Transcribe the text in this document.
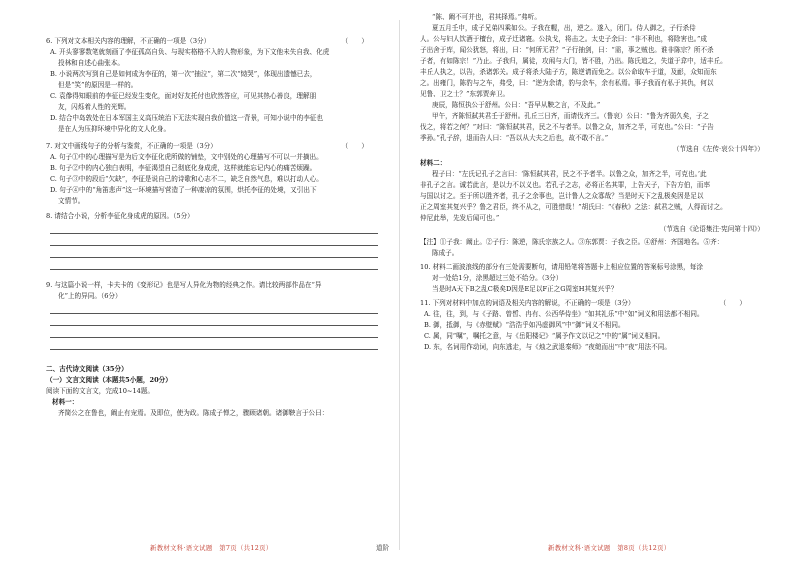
6. 下列对文本相关内容的理解，不正确的一项是（3分）	（　　）

A. 开头寥寥数笔就刻画了李征孤高自负、与现实格格不入的人物形象，为下文他未失自我、化虎

投林和自述心曲张本。

B. 小说两次写到自己是如何成为李征的，第一次“抽泣”，第二次“恸哭”，体现出遗憾已去，

但是“笑”的原因是一样的。

C. 袁傪得知眼前的李征已经发生变化，面对好友托付也欣然答应，可见其热心善良，理解朋

友，闪烁着人性的光辉。

D. 结合中岛敦处在日本军国主义高压统治下无法实现自我价值这一背景，可知小说中的李征也

是在人为压抑环境中异化的文人化身。

7. 对文中画线句子的分析与鉴赏，不正确的一项是（3分）	（　　）

A. 句子①中的心理描写是为后文李征化虎所做的铺垫，文中别处的心理描写不可以一并摘出。

B. 句子②中的内心独白表明，李征渴望自己彻底化身成虎，这样就能忘记内心的痛苦烦躁。

C. 句子③中的段后“欠缺”，李征是说自己的诗歌和心志不二，缺乏自然气息，难以打动人心。

D. 句子④中的“角笛悲声”这一环境描写营造了一种凄凉的氛围，烘托李征的处境，又引出下

文情节。

8. 请结合小说，分析李征化身成虎的原因。（5分）

9. 与这篇小说一样，卡夫卡的《变形记》也是写人异化为物的经典之作。请比较两部作品在“异

化”上的异同。（6分）

二、古代诗文阅读（35分）

（一）文言文阅读（本题共5小题，20分）

阅读下面的文言文，完成10~14题。

材料一：

齐简公之在鲁也，阚止有宠焉。及即位，使为政。陈成子惮之，骤顾诸朝。诸御鞅言于公曰：

新教材文科·语文试题　第7页（共12页）	道阶

“陈、阚不可并也，君其择焉。”弗听。

夏五月壬申，成子兄弟四乘如公。子我在幄，出，逆之。遂入，闭门。侍人御之，子行杀侍

人。公与妇人饮酒于檀台，成子迁诸寝。公执戈，将击之。太史子余曰：“非不利也，将除害也。”成

子出舍于库，闻公犹怒，将出，曰：“何所无君？”子行抽剑，曰：“需，事之贼也。谁非陈宗？所不杀

子者，有如陈宗！”乃止。子我归，属徒，攻闱与大门，皆不胜，乃出。陈氏追之，失道于弇中，适丰丘。

丰丘人执之，以告，杀诸郭关。成子将杀大陆子方，陈逆请而免之。以公命取车于道，及耏，众知而东

之。出雍门，陈豹与之车，弗受，曰：“逆为余请，豹与余车，余有私焉。事子我而有私于其仇，何以

见鲁、卫之士？”东郭贾奔卫。

庚辰，陈恒执公于舒州。公曰：“吾早从鞅之言，不及此。”

甲午，齐陈恒弑其君壬于舒州。孔丘三日齐，而请伐齐三。（鲁哀）公曰：“鲁为齐弱久矣，子之

伐之，将若之何？”对曰：“陈恒弑其君，民之不与者半。以鲁之众，加齐之半，可克也。”公曰：“子告

季孙。”孔子辞，退而告人曰：“吾以从大夫之后也，故不敢不言。”

（节选自《左传·哀公十四年》）

材料二：

程子曰：“左氏记孔子之言曰：‘陈恒弑其君，民之不予者半。以鲁之众，加齐之半，可克也。’此

非孔子之言。诚若此言，是以力不以义也。若孔子之志，必将正名其罪，上告天子，下告方伯，而率

与国以讨之。至于所以胜齐者，孔子之余事也，岂计鲁人之众寡哉？当是时天下之乱极矣因是足以

正之周室其复兴乎？鲁之君臣，终不从之，可胜惜哉！”胡氏曰：“《春秋》之法：弑君之贼，人得而讨之。

仲尼此举，先发后闻可也。”

（节选自《论语集注·宪问第十四》）

【注】①子我：阚止。②子行：陈逆，陈氏宗族之人。③东郭贾：子我之臣。④舒州：齐国地名。⑤齐：

陈成子。

10. 材料二画波浪线的部分有三处需要断句，请用铅笔将答题卡上相应位置的答案标号涂黑，每涂

对一处给1分，涂黑超过三处不给分。（3分）

当是时A天下B之乱C极矣D因是E足以F正之G周室H其复兴乎？

11. 下列对材料中加点的词语及相关内容的解说，不正确的一项是（3分）	（　　）

A. 往，往，到，与《子路、曾皙、冉有、公西华侍坐》“如其礼乐”中“如”词义和用法都不相同。

B. 御，抵御，与《赤壁赋》“浩浩乎如冯虚御风”中“御”词义不相同。

C. 属，同“嘱”，嘱托之意，与《岳阳楼记》“属予作文以记之”中的“属”词义相同。

D. 东，名词用作动词，向东逃走，与《烛之武退秦师》“夜缒而出”中“夜”用法不同。

新教材文科·语文试题　第8页（共12页）
